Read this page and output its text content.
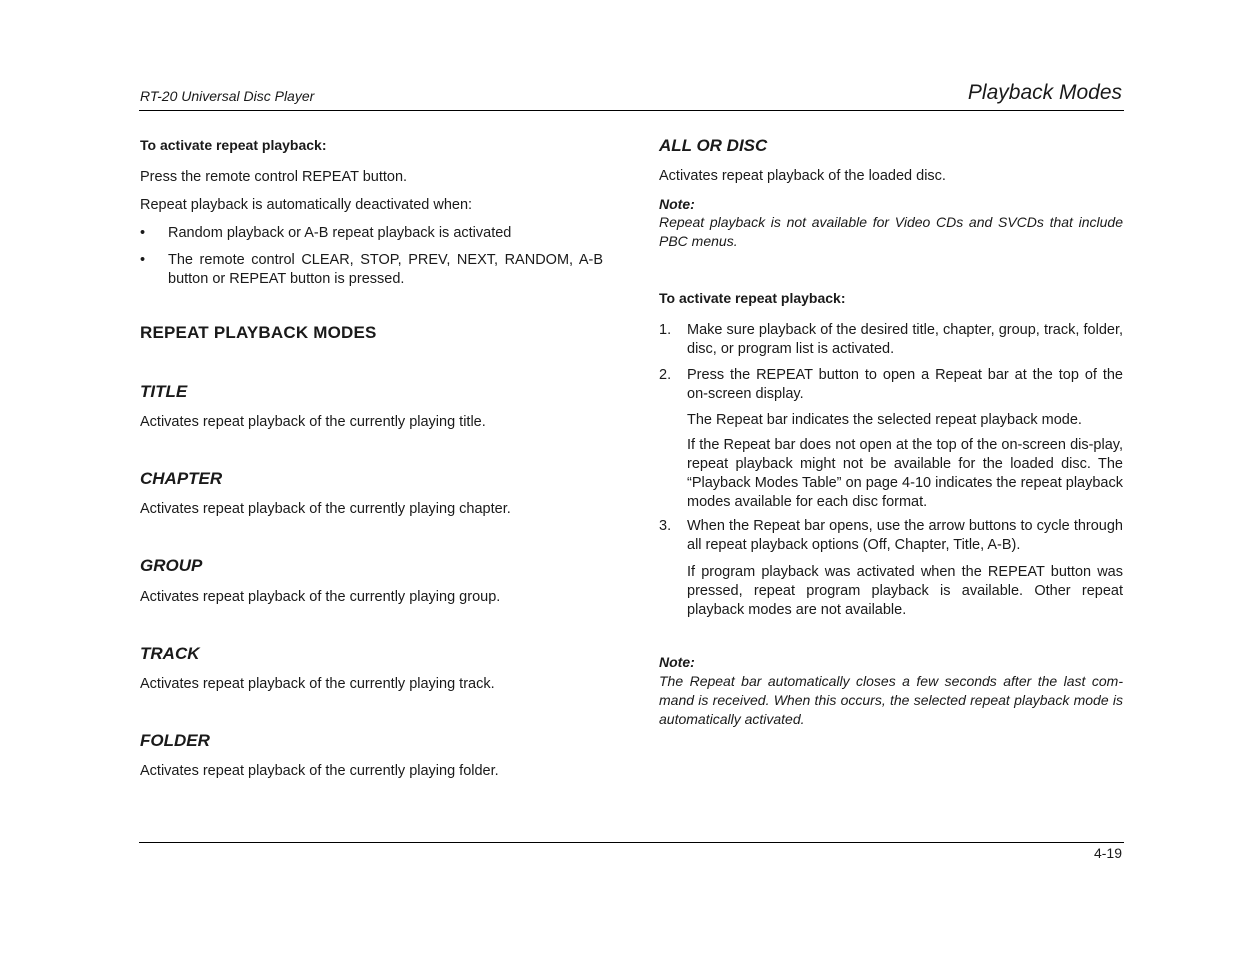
RT-20 Universal Disc Player	Playback Modes
To activate repeat playback:
Press the remote control REPEAT button.
Repeat playback is automatically deactivated when:
• Random playback or A-B repeat playback is activated
• The remote control CLEAR, STOP, PREV, NEXT, RANDOM, A-B button or REPEAT button is pressed.
REPEAT PLAYBACK MODES
TITLE
Activates repeat playback of the currently playing title.
CHAPTER
Activates repeat playback of the currently playing chapter.
GROUP
Activates repeat playback of the currently playing group.
TRACK
Activates repeat playback of the currently playing track.
FOLDER
Activates repeat playback of the currently playing folder.
ALL OR DISC
Activates repeat playback of the loaded disc.
Note:
Repeat playback is not available for Video CDs and SVCDs that include PBC menus.
To activate repeat playback:
1. Make sure playback of the desired title, chapter, group, track, folder, disc, or program list is activated.
2. Press the REPEAT button to open a Repeat bar at the top of the on-screen display.
The Repeat bar indicates the selected repeat playback mode.
If the Repeat bar does not open at the top of the on-screen dis-play, repeat playback might not be available for the loaded disc. The “Playback Modes Table” on page 4-10 indicates the repeat playback modes available for each disc format.
3. When the Repeat bar opens, use the arrow buttons to cycle through all repeat playback options (Off, Chapter, Title, A-B).
If program playback was activated when the REPEAT button was pressed, repeat program playback is available. Other repeat playback modes are not available.
Note:
The Repeat bar automatically closes a few seconds after the last com-mand is received. When this occurs, the selected repeat playback mode is automatically activated.
4-19
